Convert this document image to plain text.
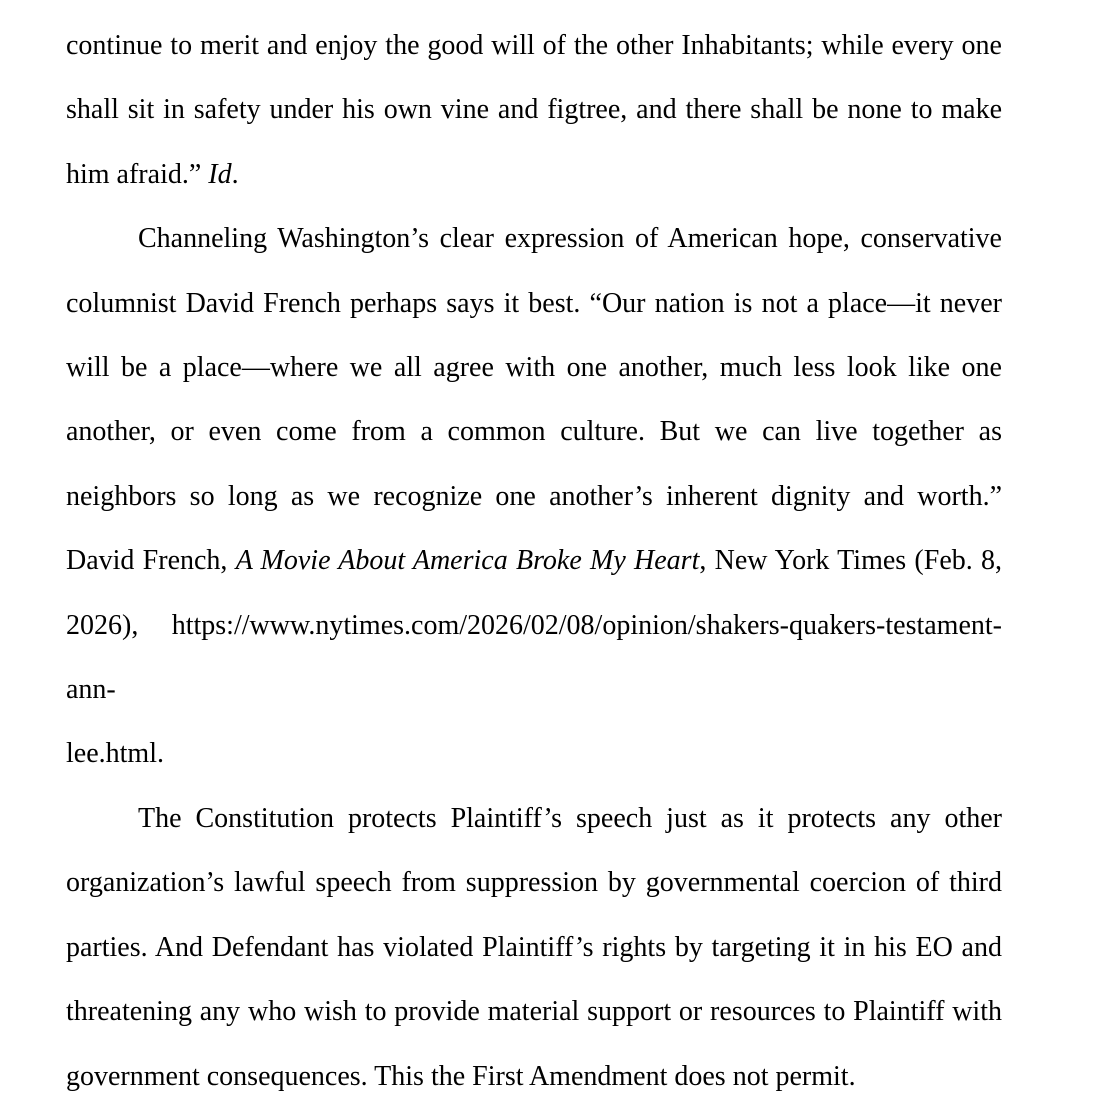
continue to merit and enjoy the good will of the other Inhabitants; while every one shall sit in safety under his own vine and figtree, and there shall be none to make him afraid.” Id.

Channeling Washington’s clear expression of American hope, conservative columnist David French perhaps says it best. “Our nation is not a place—it never will be a place—where we all agree with one another, much less look like one another, or even come from a common culture. But we can live together as neighbors so long as we recognize one another’s inherent dignity and worth.” David French, A Movie About America Broke My Heart, New York Times (Feb. 8, 2026), https://www.nytimes.com/2026/02/08/opinion/shakers-quakers-testament-ann-
lee.html.

The Constitution protects Plaintiff’s speech just as it protects any other organization’s lawful speech from suppression by governmental coercion of third parties. And Defendant has violated Plaintiff’s rights by targeting it in his EO and threatening any who wish to provide material support or resources to Plaintiff with government consequences. This the First Amendment does not permit.
